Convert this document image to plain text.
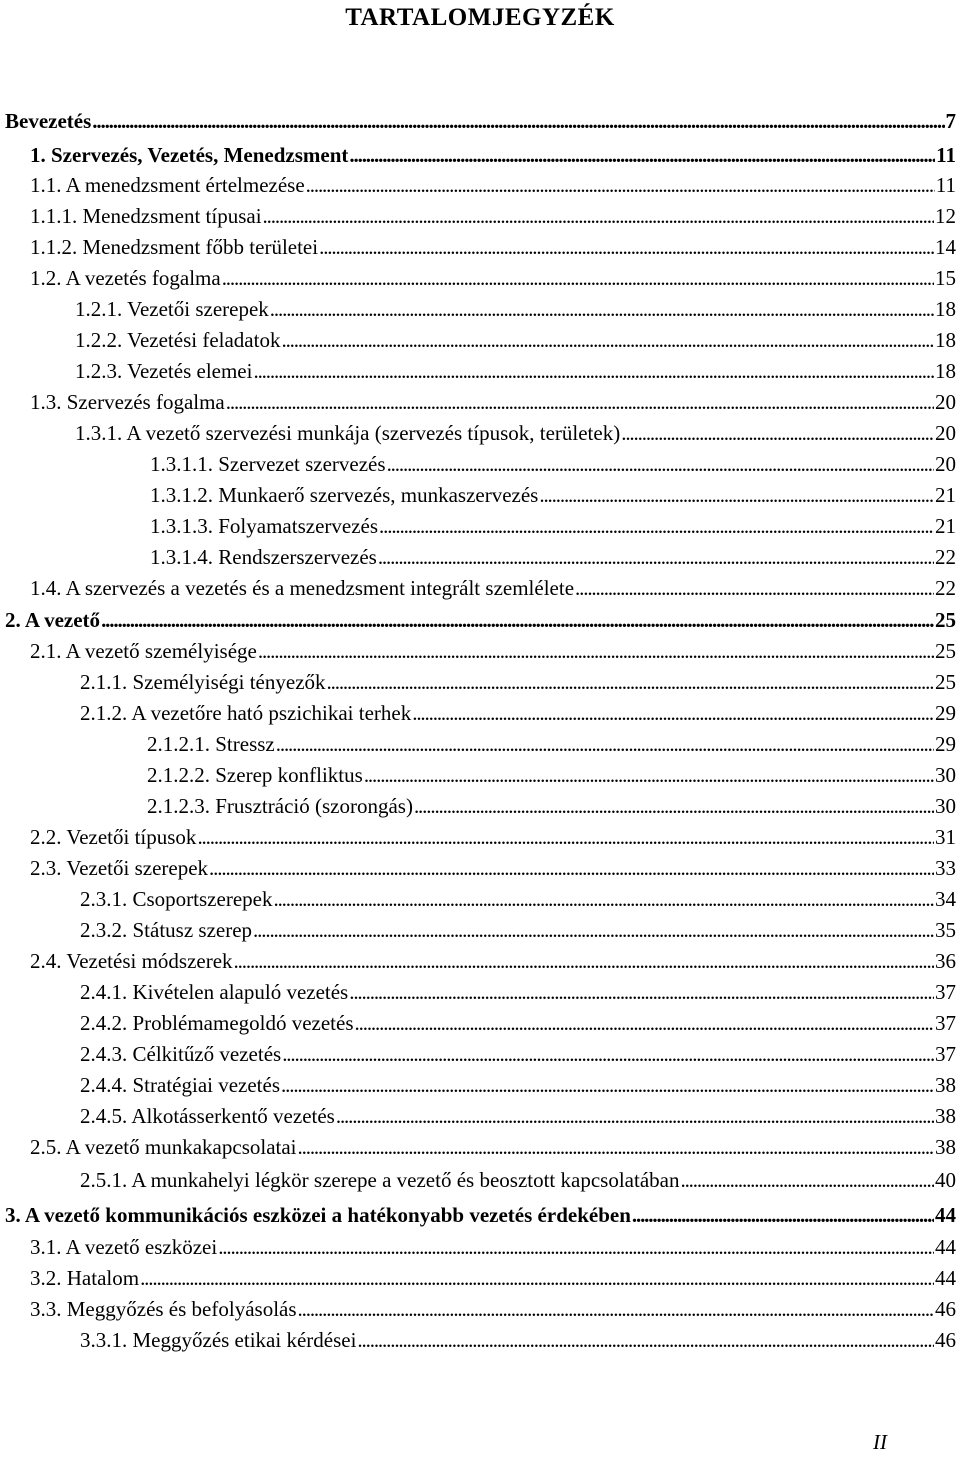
TARTALOMJEGYZÉK
Bevezetés . . .	7
1. Szervezés, Vezetés, Menedzsment . . .	11
1.1. A menedzsment értelmezése . . .	11
1.1.1. Menedzsment típusai . . .	12
1.1.2. Menedzsment főbb területei . . .	14
1.2. A vezetés fogalma . . .	15
1.2.1. Vezetői szerepek . . .	18
1.2.2. Vezetési feladatok . . .	18
1.2.3. Vezetés elemei . . .	18
1.3. Szervezés fogalma . . .	20
1.3.1. A vezető szervezési munkája (szervezés típusok, területek) . . .	20
1.3.1.1. Szervezet szervezés . . .	20
1.3.1.2. Munkaerő szervezés, munkaszervezés . . .	21
1.3.1.3. Folyamatszervezés . . .	21
1.3.1.4. Rendszerszervezés . . .	22
1.4. A szervezés a vezetés és a menedzsment integrált szemlélete . . .	22
2. A vezető . . .	25
2.1. A vezető személyisége . . .	25
2.1.1. Személyiségi tényezők . . .	25
2.1.2. A vezetőre ható pszichikai terhek . . .	29
2.1.2.1. Stressz . . .	29
2.1.2.2. Szerep konfliktus . . .	30
2.1.2.3. Frusztráció (szorongás) . . .	30
2.2. Vezetői típusok . . .	31
2.3. Vezetői szerepek . . .	33
2.3.1. Csoportszerepek . . .	34
2.3.2. Státusz szerep . . .	35
2.4. Vezetési módszerek . . .	36
2.4.1. Kivételen alapuló vezetés . . .	37
2.4.2. Problémamegoldó vezetés . . .	37
2.4.3. Célkitűző vezetés . . .	37
2.4.4. Stratégiai vezetés . . .	38
2.4.5. Alkotásserkentő vezetés . . .	38
2.5. A vezető munkakapcsolatai . . .	38
2.5.1. A munkahelyi légkör szerepe a vezető és beosztott kapcsolatában . . .	40
3. A vezető kommunikációs eszközei a hatékonyabb vezetés érdekében . . .	44
3.1. A vezető eszközei . . .	44
3.2. Hatalom . . .	44
3.3. Meggyőzés és befolyásolás . . .	46
3.3.1. Meggyőzés etikai kérdései . . .	46
II
